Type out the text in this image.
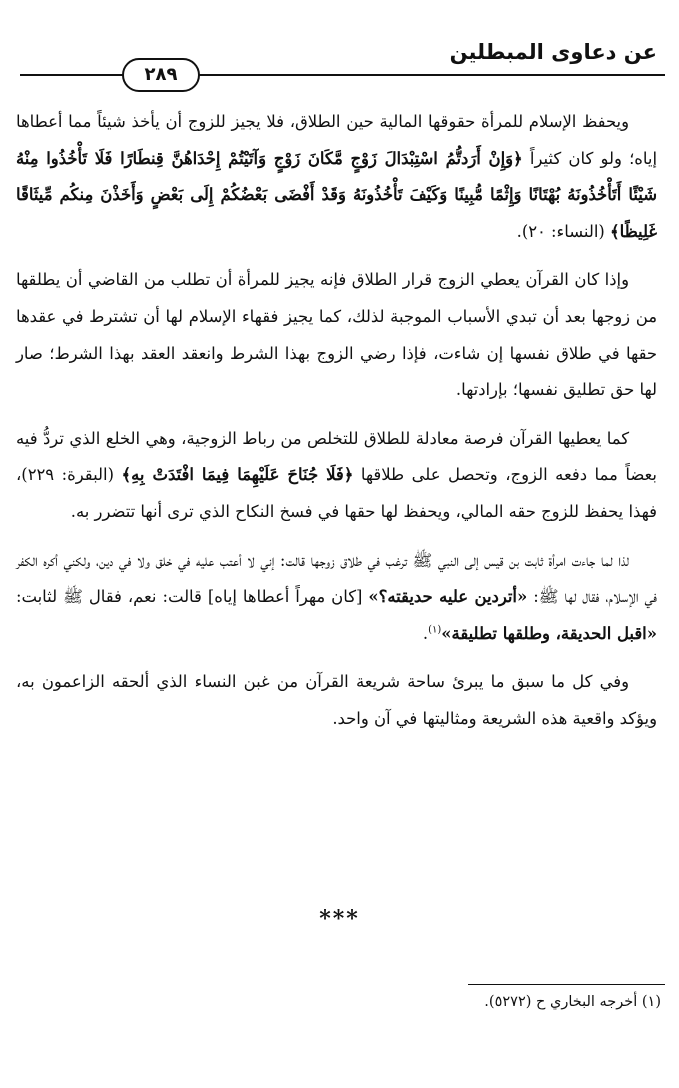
عن دعاوى المبطلين
٢٨٩

ويحفظ الإسلام للمرأة حقوقها المالية حين الطلاق، فلا يجيز للزوج أن يأخذ شيئاً مما أعطاها إياه؛ ولو كان كثيراً ﴿وَإِنْ أَرَدتُّمُ اسْتِبْدَالَ زَوْجٍ مَّكَانَ زَوْجٍ وَآتَيْتُمْ إِحْدَاهُنَّ قِنطَارًا فَلَا تَأْخُذُوا مِنْهُ شَيْئًا أَتَأْخُذُونَهُ بُهْتَانًا وَإِثْمًا مُّبِينًا وَكَيْفَ تَأْخُذُونَهُ وَقَدْ أَفْضَى بَعْضُكُمْ إِلَى بَعْضٍ وَأَخَذْنَ مِنكُم مِّيثَاقًا غَلِيظًا﴾ (النساء: ٢٠).

وإذا كان القرآن يعطي الزوج قرار الطلاق فإنه يجيز للمرأة أن تطلب من القاضي أن يطلقها من زوجها بعد أن تبدي الأسباب الموجبة لذلك، كما يجيز فقهاء الإسلام لها أن تشترط في عقدها حقها في طلاق نفسها إن شاءت، فإذا رضي الزوج بهذا الشرط وانعقد العقد بهذا الشرط؛ صار لها حق تطليق نفسها؛ بإرادتها.

كما يعطيها القرآن فرصة معادلة للطلاق للتخلص من رباط الزوجية، وهي الخلع الذي تردُّ فيه بعضاً مما دفعه الزوج، وتحصل على طلاقها ﴿فَلَا جُنَاحَ عَلَيْهِمَا فِيمَا افْتَدَتْ بِهِ﴾ (البقرة: ٢٢٩)، فهذا يحفظ للزوج حقه المالي، ويحفظ لها حقها في فسخ النكاح الذي ترى أنها تتضرر به.

لذا لما جاءت امرأة ثابت بن قيس إلى النبي ﷺ ترغب في طلاق زوجها قالت: إني لا أعتب عليه في خلق ولا في دين، ولكني أكره الكفر في الإسلام، فقال لها ﷺ: «أتردين عليه حديقته؟» [كان مهراً أعطاها إياه] قالت: نعم، فقال ﷺ لثابت: «اقبل الحديقة، وطلقها تطليقة»$^{(١)}$.

وفي كل ما سبق ما يبرئ ساحة شريعة القرآن من غبن النساء الذي ألحقه الزاعمون به، ويؤكد واقعية هذه الشريعة ومثاليتها في آن واحد.

***
(١) أخرجه البخاري ح (٥٢٧٢).
